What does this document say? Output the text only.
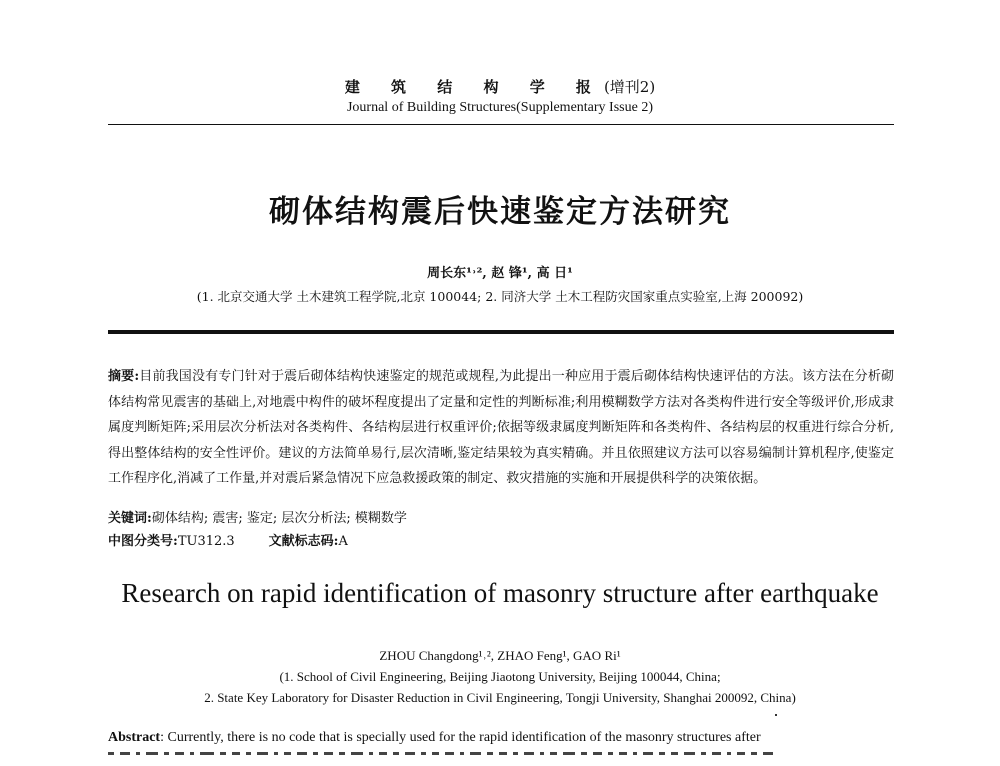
建 筑 结 构 学 报(增刊2)
Journal of Building Structures(Supplementary Issue 2)
砌体结构震后快速鉴定方法研究
周长东¹˒², 赵 锋¹, 高 日¹
(1. 北京交通大学 土木建筑工程学院,北京 100044; 2. 同济大学 土木工程防灾国家重点实验室,上海 200092)
摘要:目前我国没有专门针对于震后砌体结构快速鉴定的规范或规程,为此提出一种应用于震后砌体结构快速评估的方法。该方法在分析砌体结构常见震害的基础上,对地震中构件的破坏程度提出了定量和定性的判断标准;利用模糊数学方法对各类构件进行安全等级评价,形成隶属度判断矩阵;采用层次分析法对各类构件、各结构层进行权重评价;依据等级隶属度判断矩阵和各类构件、各结构层的权重进行综合分析,得出整体结构的安全性评价。建议的方法简单易行,层次清晰,鉴定结果较为真实精确。并且依照建议方法可以容易编制计算机程序,使鉴定工作程序化,消减了工作量,并对震后紧急情况下应急救援政策的制定、救灾措施的实施和开展提供科学的决策依据。
关键词:砌体结构; 震害; 鉴定; 层次分析法; 模糊数学
中图分类号:TU312.3	文献标志码:A
Research on rapid identification of masonry structure after earthquake
ZHOU Changdong¹˒², ZHAO Feng¹, GAO Ri¹
(1. School of Civil Engineering, Beijing Jiaotong University, Beijing 100044, China;
2. State Key Laboratory for Disaster Reduction in Civil Engineering, Tongji University, Shanghai 200092, China)
Abstract: Currently, there is no code that is specially used for the rapid identification of the masonry structures after
